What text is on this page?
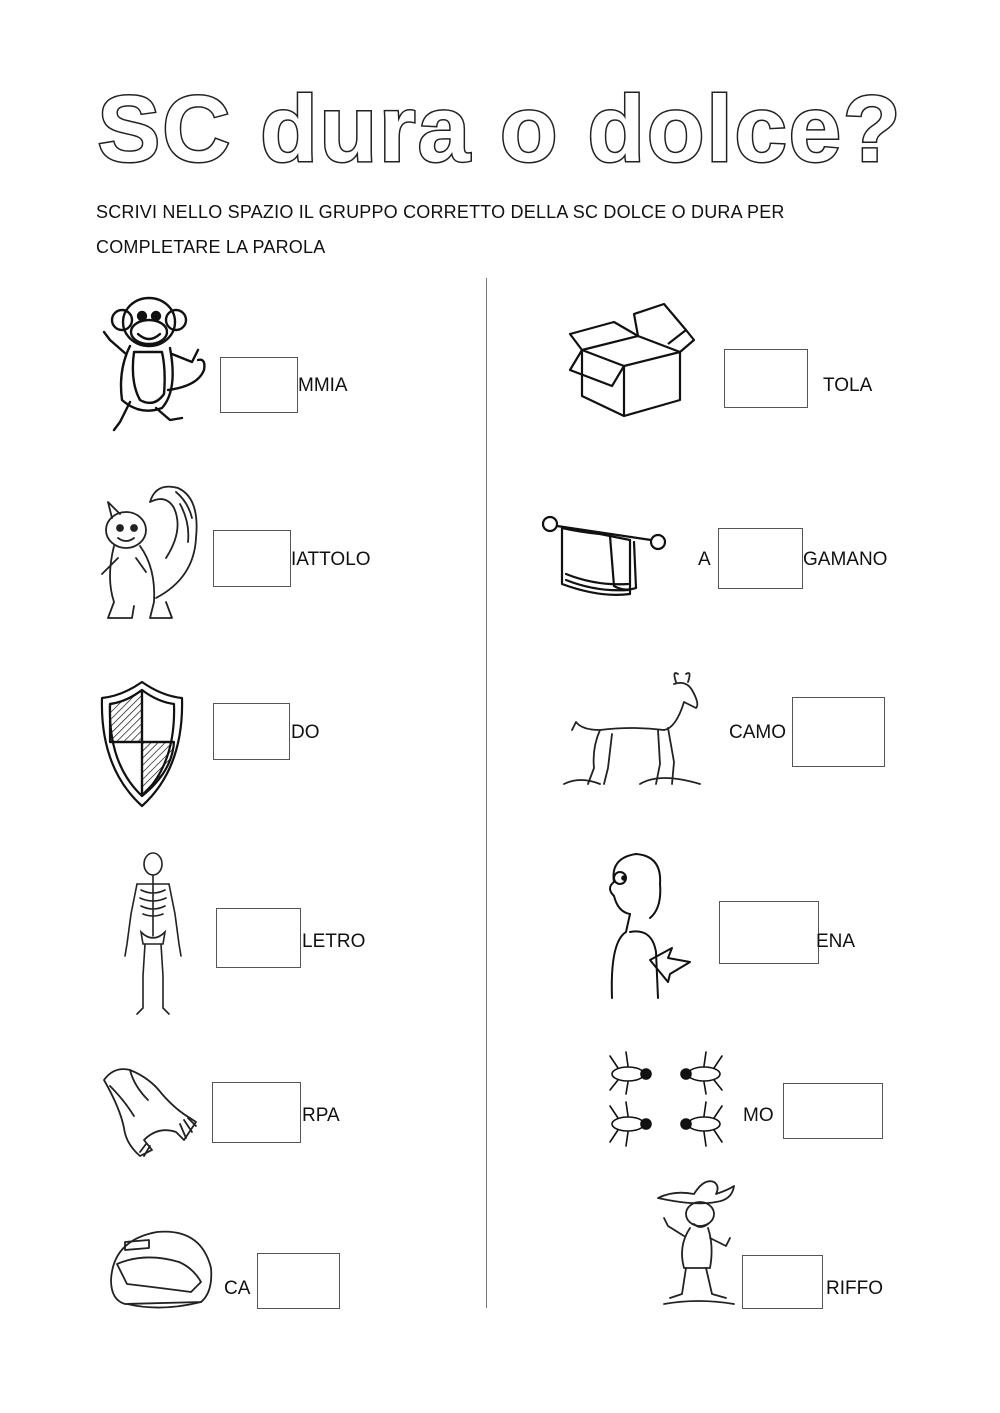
SC dura o dolce?
SCRIVI NELLO SPAZIO IL GRUPPO CORRETTO DELLA SC DOLCE O DURA PER
COMPLETARE LA PAROLA
MMIA
IATTOLO
DO
LETRO
RPA
CA
TOLA
A	GAMANO
CAMO
ENA
MO
RIFFO
